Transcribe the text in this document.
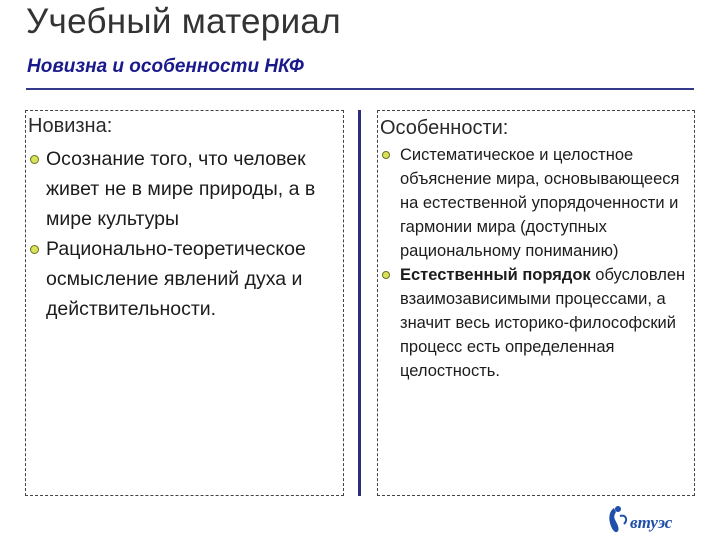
Учебный материал
Новизна и особенности НКФ
Новизна:
Осознание того, что человек живет не в мире природы, а в мире культуры
Рационально-теоретическое осмысление явлений духа и действительности.
Особенности:
Систематическое и целостное объяснение мира, основывающееся на естественной упорядоченности и гармонии мира (доступных рациональному пониманию)
Естественный порядок обусловлен взаимозависимыми процессами, а значит весь историко-философский процесс есть определенная целостность.
втуэс
